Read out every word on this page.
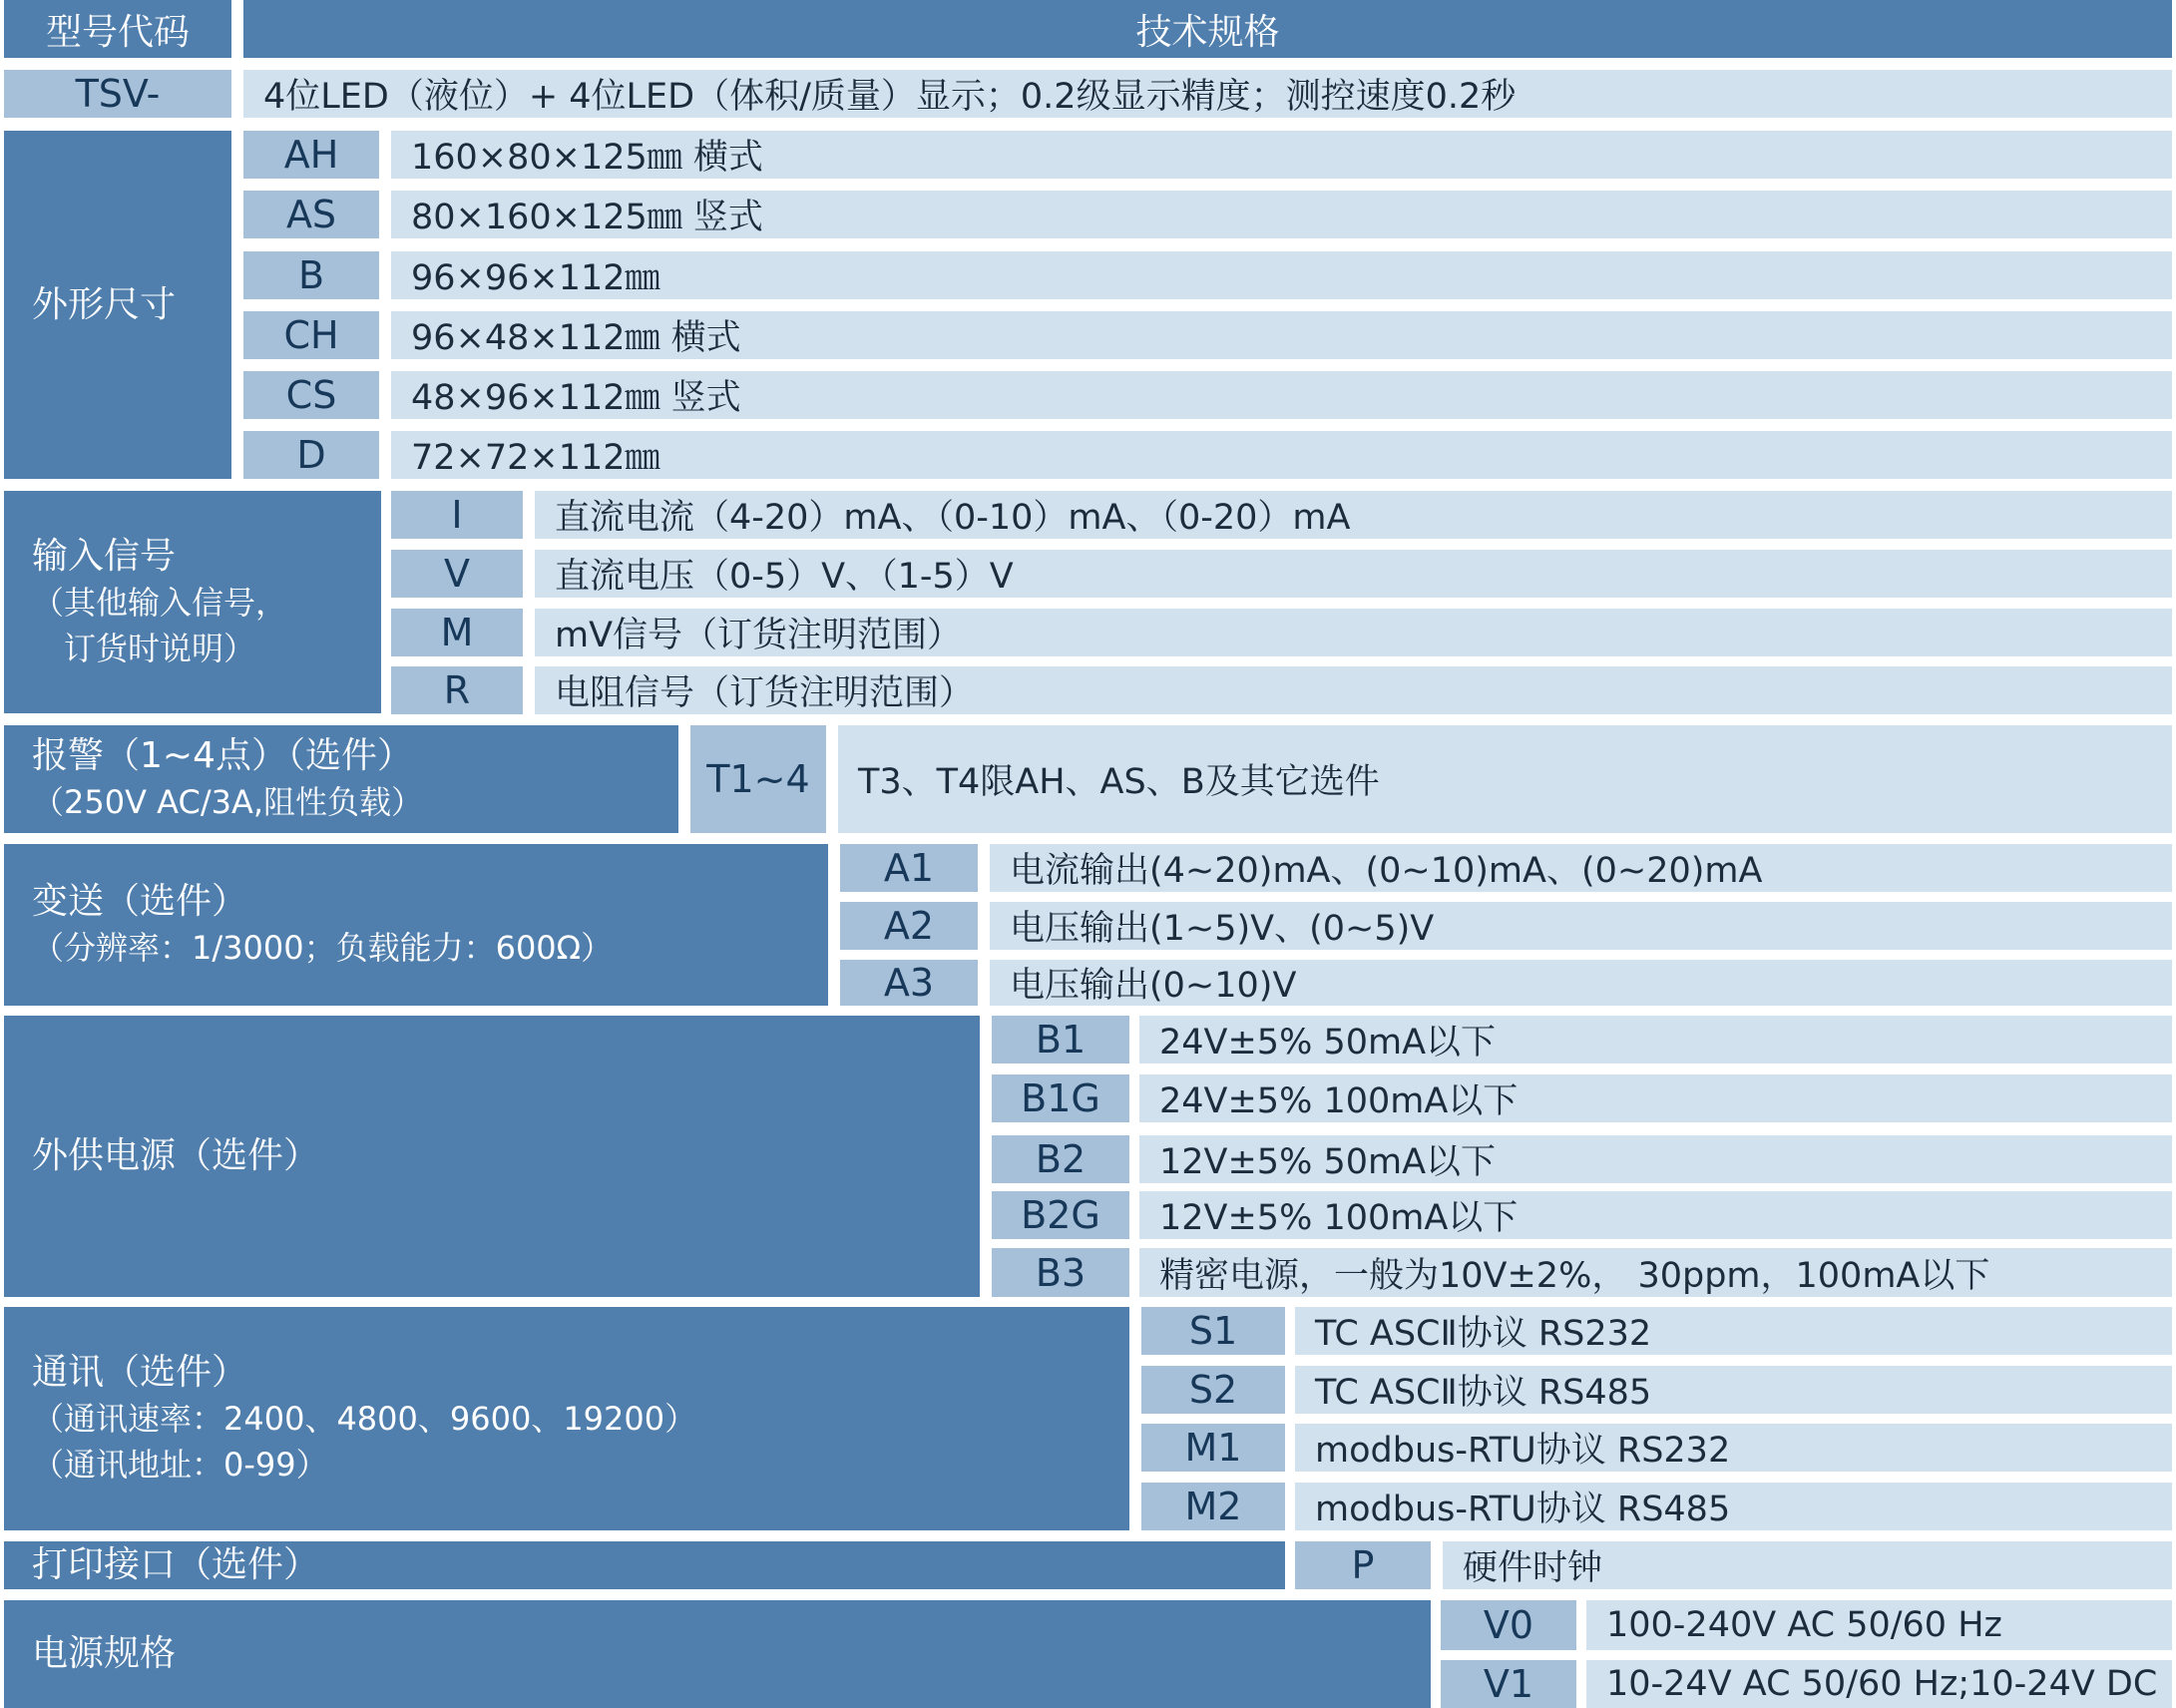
型号代码	技术规格
TSV-	4位LED（液位）+ 4位LED（体积/质量）显示；0.2级显示精度；测控速度0.2秒
外形尺寸
AH	160×80×125㎜ 横式
AS	80×160×125㎜ 竖式
B	96×96×112㎜
CH	96×48×112㎜ 横式
CS	48×96×112㎜ 竖式
D	72×72×112㎜
输入信号
（其他输入信号，
订货时说明）
I	直流电流（4-20）mA、（0-10）mA、（0-20）mA
V	直流电压（0-5）V、（1-5）V
M	mV信号（订货注明范围）
R	电阻信号（订货注明范围）
报警（1~4点）（选件）
（250V AC/3A,阻性负载）
T1~4	T3、T4限AH、AS、B及其它选件
变送（选件）
（分辨率：1/3000；负载能力：600Ω）
A1	电流输出(4~20)mA、(0~10)mA、(0~20)mA
A2	电压输出(1~5)V、(0~5)V
A3	电压输出(0~10)V
外供电源（选件）
B1	24V±5% 50mA以下
B1G	24V±5% 100mA以下
B2	12V±5% 50mA以下
B2G	12V±5% 100mA以下
B3	精密电源，一般为10V±2%， 30ppm，100mA以下
通讯（选件）
（通讯速率：2400、4800、9600、19200）
（通讯地址：0-99）
S1	TC ASCⅡ协议 RS232
S2	TC ASCⅡ协议 RS485
M1	modbus-RTU协议 RS232
M2	modbus-RTU协议 RS485
打印接口（选件）	P	硬件时钟
电源规格
V0	100-240V AC 50/60 Hz
V1	10-24V AC 50/60 Hz;10-24V DC
